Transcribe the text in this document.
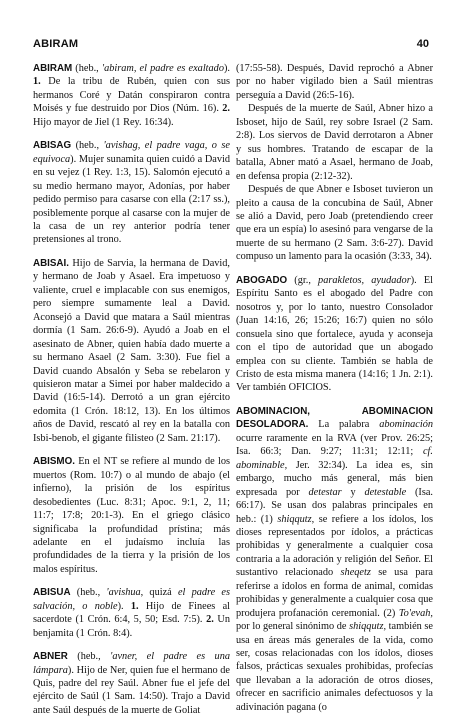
ABIRAM	40

ABIRAM (heb., 'abiram, el padre es exaltado). 1. De la tribu de Rubén, quien con sus hermanos Coré y Datán conspiraron contra Moisés y fue destruido por Dios (Núm. 16). 2. Hijo mayor de Jiel (1 Rey. 16:34).

ABISAG (heb., 'avishag, el padre vaga, o se equivoca). Mujer sunamita quien cuidó a David en su vejez (1 Rey. 1:3, 15). Salomón ejecutó a su medio hermano mayor, Adonías, por haber pedido permiso para casarse con ella (2:17 ss.), posiblemente porque al casarse con la mujer de la casa de un rey anterior podría tener pretensiones al trono.

ABISAI. Hijo de Sarvia, la hermana de David, y hermano de Joab y Asael. Era impetuoso y valiente, cruel e implacable con sus enemigos, pero siempre sumamente leal a David. Aconsejó a David que matara a Saúl mientras dormía (1 Sam. 26:6-9). Ayudó a Joab en el asesinato de Abner, quien había dado muerte a su hermano Asael (2 Sam. 3:30). Fue fiel a David cuando Absalón y Seba se rebelaron y quisieron matar a Simei por haber maldecido a David (16:5-14). Derrotó a un gran ejército edomita (1 Crón. 18:12, 13). En los últimos años de David, rescató al rey en la batalla con Isbi-benob, el gigante filisteo (2 Sam. 21:17).

ABISMO. En el NT se refiere al mundo de los muertos (Rom. 10:7) o al mundo de abajo (el infierno), la prisión de los espíritus desobedientes (Luc. 8:31; Apoc. 9:1, 2, 11; 11:7; 17:8; 20:1-3). En el griego clásico significaba la profundidad prístina; más adelante en el judaísmo incluía las profundidades de la tierra y la prisión de los malos espíritus.

ABISUA (heb., 'avishua, quizá el padre es salvación, o noble). 1. Hijo de Finees al sacerdote (1 Crón. 6:4, 5, 50; Esd. 7:5). 2. Un benjamita (1 Crón. 8:4).

ABNER (heb., 'avner, el padre es una lámpara). Hijo de Ner, quien fue el hermano de Quis, padre del rey Saúl. Abner fue el jefe del ejército de Saúl (1 Sam. 14:50). Trajo a David ante Saúl después de la muerte de Goliat

(17:55-58). Después, David reprochó a Abner por no haber vigilado bien a Saúl mientras perseguía a David (26:5-16).

Después de la muerte de Saúl, Abner hizo a Isboset, hijo de Saúl, rey sobre Israel (2 Sam. 2:8). Los siervos de David derrotaron a Abner y sus hombres. Tratando de escapar de la batalla, Abner mató a Asael, hermano de Joab, en defensa propia (2:12-32).

Después de que Abner e Isboset tuvieron un pleito a causa de la concubina de Saúl, Abner se alió a David, pero Joab (pretendiendo creer que era un espía) lo asesinó para vengarse de la muerte de su hermano (2 Sam. 3:6-27). David compuso un lamento para la ocasión (3:33, 34).

ABOGADO (gr., parakletos, ayudador). El Espíritu Santo es el abogado del Padre con nosotros y, por lo tanto, nuestro Consolador (Juan 14:16, 26; 15:26; 16:7) quien no sólo consuela sino que fortalece, ayuda y aconseja con el tipo de autoridad que un abogado emplea con su cliente. También se habla de Cristo de esta misma manera (14:16; 1 Jn. 2:1). Ver también OFICIOS.

ABOMINACION, ABOMINACION DESOLADORA. La palabra abominación ocurre raramente en la RVA (ver Prov. 26:25; Isa. 66:3; Dan. 9:27; 11:31; 12:11; cf. abominable, Jer. 32:34). La idea es, sin embargo, mucho más general, más bien expresada por detestar y detestable (Isa. 66:17). Se usan dos palabras principales en heb.: (1) shiqqutz, se refiere a los ídolos, los dioses representados por ídolos, a prácticas prohibidas y generalmente a cualquier cosa contraria a la adoración y religión del Señor. El sustantivo relacionado sheqetz se usa para referirse a ídolos en forma de animal, comidas prohibidas y generalmente a cualquier cosa que produjera profanación ceremonial. (2) To'evah, por lo general sinónimo de shiqqutz, también se usa en áreas más generales de la vida, como ser, cosas relacionadas con los ídolos, dioses falsos, prácticas sexuales prohibidas, profecías que llevaban a la adoración de otros dioses, ofrecer en sacrificio animales defectuosos y la adivinación pagana (o
